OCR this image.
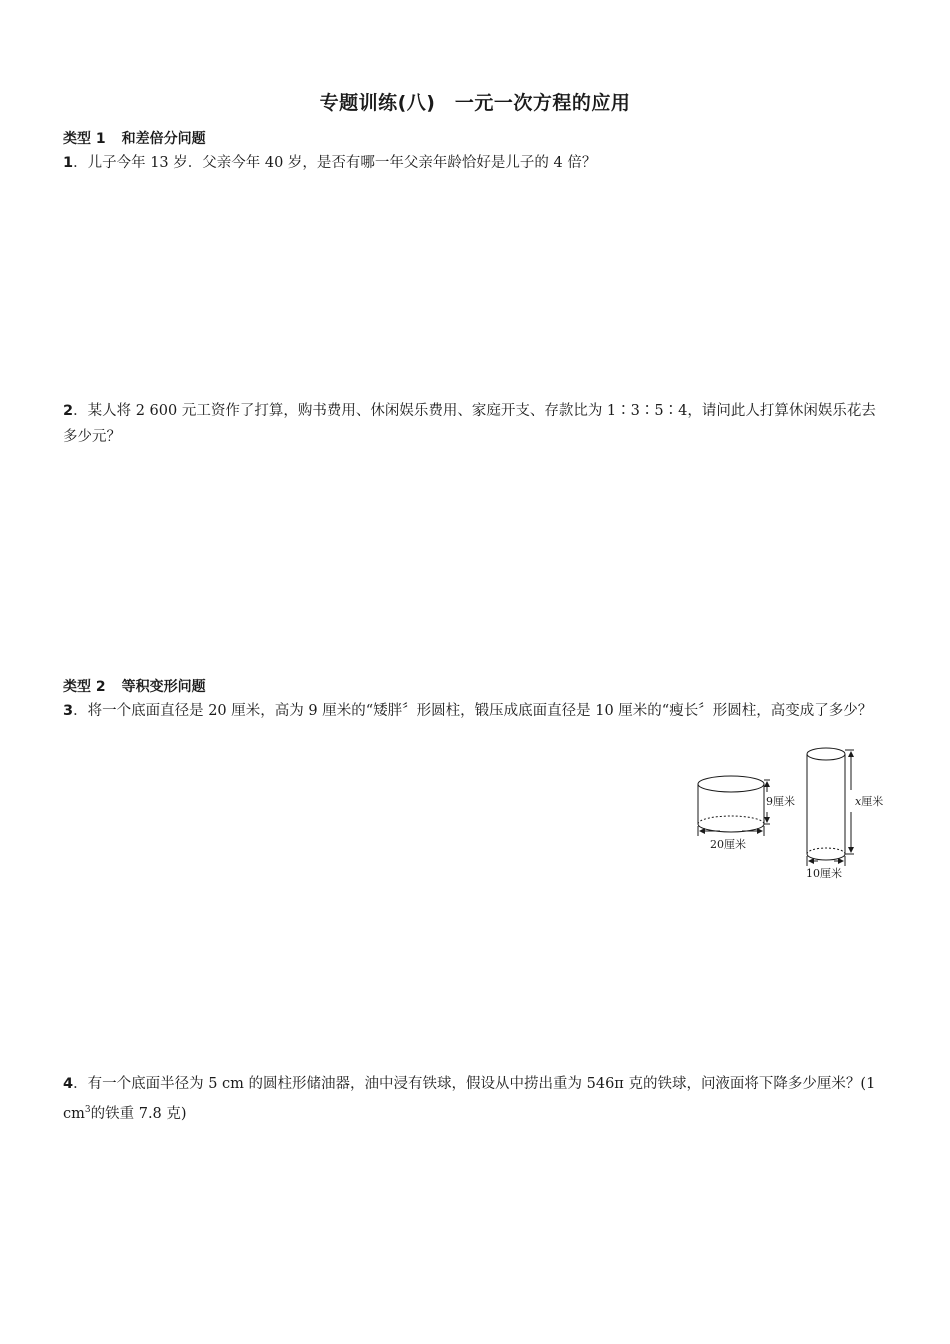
专题训练(八)　一元一次方程的应用
类型 1 和差倍分问题
1．儿子今年 13 岁．父亲今年 40 岁，是否有哪一年父亲年龄恰好是儿子的 4 倍？
2．某人将 2 600 元工资作了打算，购书费用、休闲娱乐费用、家庭开支、存款比为 1∶3∶5∶4，请问此人打算休闲娱乐花去多少元？
类型 2 等积变形问题
3．将一个底面直径是 20 厘米，高为 9 厘米的“矮胖〞形圆柱，锻压成底面直径是 10 厘米的“瘦长〞形圆柱，高变成了多少？
9厘米
20厘米
x厘米
10厘米
4．有一个底面半径为 5 cm 的圆柱形储油器，油中浸有铁球，假设从中捞出重为 546π 克的铁球，问液面将下降多少厘米？(1 $cm^3$的铁重 7.8 克)
